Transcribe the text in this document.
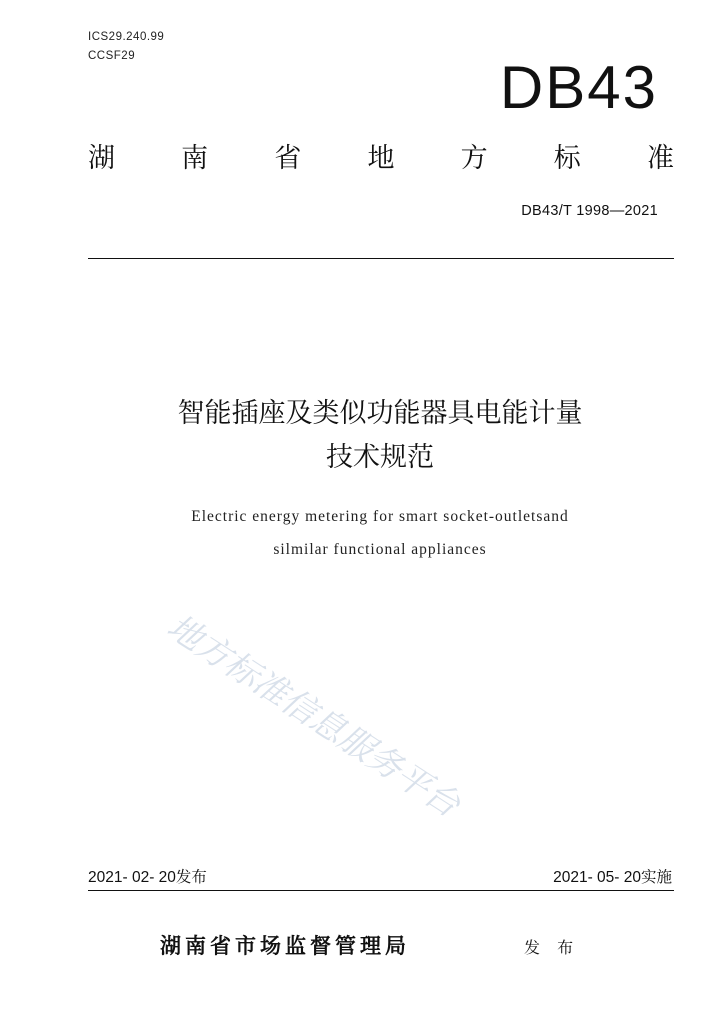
ICS29.240.99
CCSF29	DB43
湖 南 省 地 方 标 准
DB43/T 1998—2021
智能插座及类似功能器具电能计量
技术规范
Electric energy metering for smart socket-outletsand
silmilar functional appliances
地方标准信息服务平台
2021- 02- 20发布	2021- 05- 20实施
湖南省市场监督管理局	发 布
